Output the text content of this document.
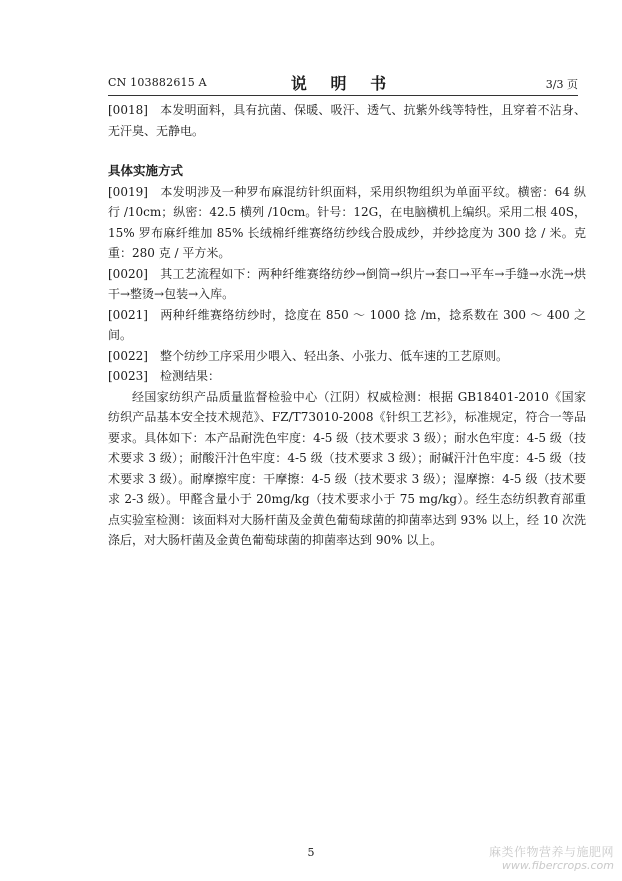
CN 103882615 A	说 明 书	3/3 页

[0018] 本发明面料，具有抗菌、保暖、吸汗、透气、抗紫外线等特性，且穿着不沾身、无汗臭、无静电。

具体实施方式

[0019] 本发明涉及一种罗布麻混纺针织面料，采用织物组织为单面平纹。横密：64 纵行 /10cm；纵密：42.5 横列 /10cm。针号：12G，在电脑横机上编织。采用二根 40S，15% 罗布麻纤维加 85% 长绒棉纤维赛络纺纱线合股成纱，并纱捻度为 300 捻 / 米。克重：280 克 / 平方米。

[0020] 其工艺流程如下：两种纤维赛络纺纱→倒筒→织片→套口→平车→手缝→水洗→烘干→整烫→包装→入库。

[0021] 两种纤维赛络纺纱时，捻度在 850 ～ 1000 捻 /m，捻系数在 300 ～ 400 之间。

[0022] 整个纺纱工序采用少喂入、轻出条、小张力、低车速的工艺原则。

[0023] 检测结果：

经国家纺织产品质量监督检验中心（江阴）权威检测：根据 GB18401-2010《国家纺织产品基本安全技术规范》、FZ/T73010-2008《针织工艺衫》，标准规定，符合一等品要求。具体如下：本产品耐洗色牢度：4-5 级（技术要求 3 级）；耐水色牢度：4-5 级（技术要求 3 级）；耐酸汗汁色牢度：4-5 级（技术要求 3 级）；耐碱汗汁色牢度：4-5 级（技术要求 3 级）。耐摩擦牢度：干摩擦：4-5 级（技术要求 3 级）；湿摩擦：4-5 级（技术要求 2-3 级）。甲醛含量小于 20mg/kg（技术要求小于 75 mg/kg）。经生态纺织教育部重点实验室检测：该面料对大肠杆菌及金黄色葡萄球菌的抑菌率达到 93% 以上，经 10 次洗涤后，对大肠杆菌及金黄色葡萄球菌的抑菌率达到 90% 以上。

5	麻类作物营养与施肥网
www.fibercrops.com
